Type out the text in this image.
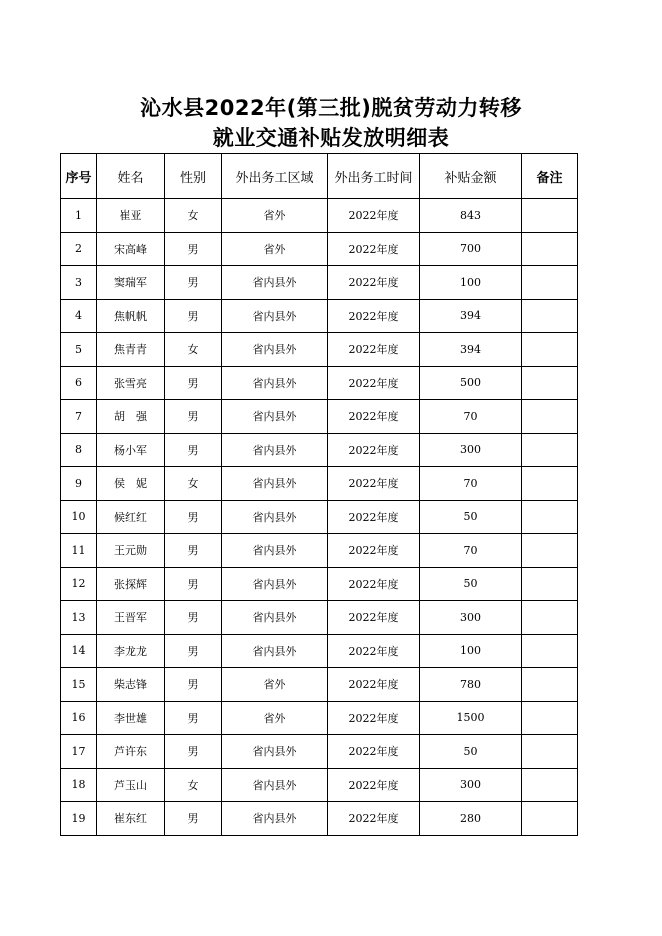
沁水县2022年(第三批)脱贫劳动力转移
就业交通补贴发放明细表
序号	姓名	性别	外出务工区域	外出务工时间	补贴金额	备注
1	崔亚	女	省外	2022年度	843	
2	宋高峰	男	省外	2022年度	700	
3	窦瑞军	男	省内县外	2022年度	100	
4	焦帆帆	男	省内县外	2022年度	394	
5	焦青青	女	省内县外	2022年度	394	
6	张雪亮	男	省内县外	2022年度	500	
7	胡　强	男	省内县外	2022年度	70	
8	杨小军	男	省内县外	2022年度	300	
9	侯　妮	女	省内县外	2022年度	70	
10	候红红	男	省内县外	2022年度	50	
11	王元勋	男	省内县外	2022年度	70	
12	张探辉	男	省内县外	2022年度	50	
13	王晋军	男	省内县外	2022年度	300	
14	李龙龙	男	省内县外	2022年度	100	
15	柴志锋	男	省外	2022年度	780	
16	李世雄	男	省外	2022年度	1500	
17	芦许东	男	省内县外	2022年度	50	
18	芦玉山	女	省内县外	2022年度	300	
19	崔东红	男	省内县外	2022年度	280	
